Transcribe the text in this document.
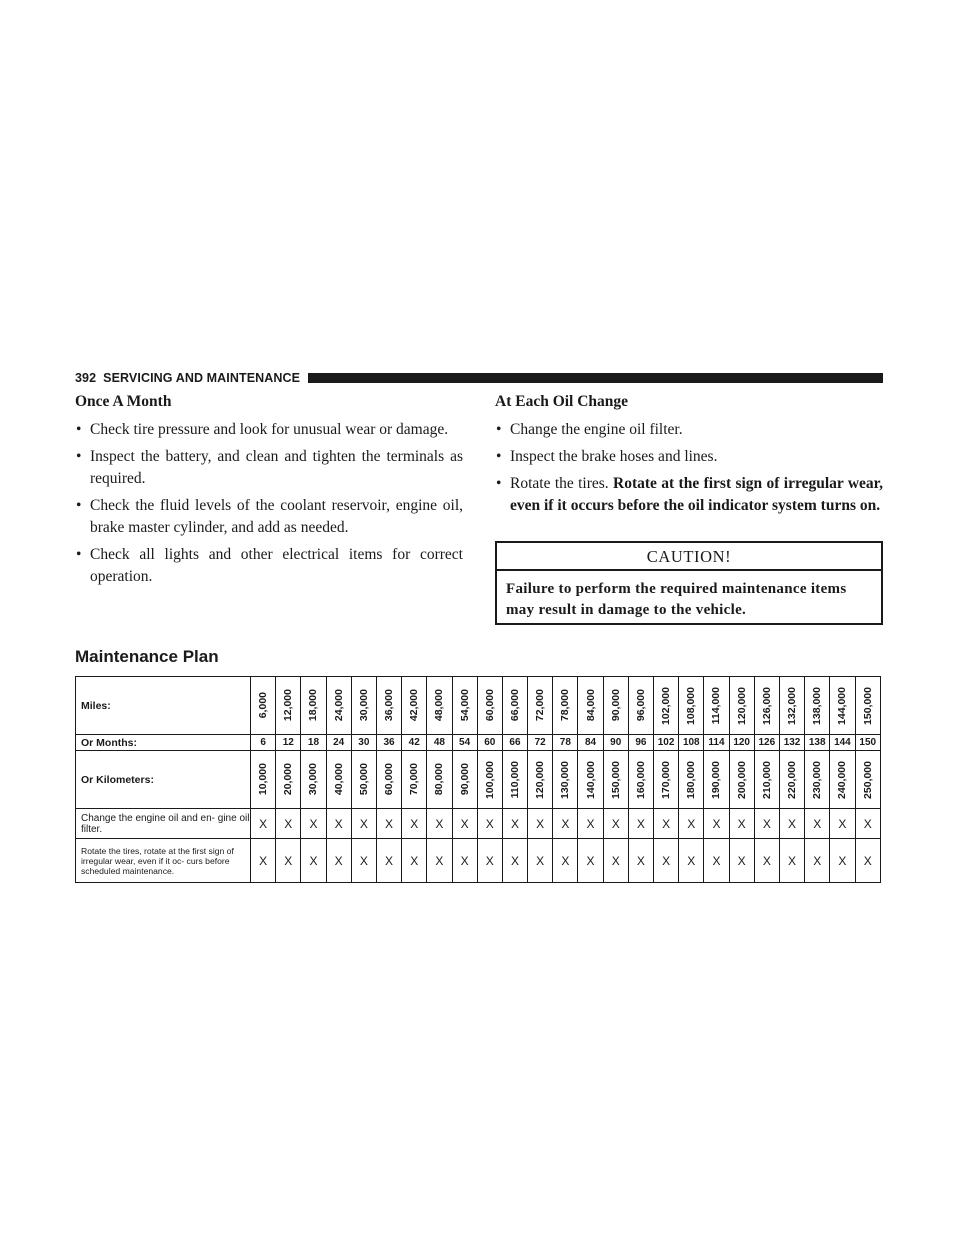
392 SERVICING AND MAINTENANCE
Once A Month
• Check tire pressure and look for unusual wear or damage.
• Inspect the battery, and clean and tighten the terminals as required.
• Check the fluid levels of the coolant reservoir, engine oil, brake master cylinder, and add as needed.
• Check all lights and other electrical items for correct operation.
At Each Oil Change
• Change the engine oil filter.
• Inspect the brake hoses and lines.
• Rotate the tires. Rotate at the first sign of irregular wear, even if it occurs before the oil indicator system turns on.
CAUTION!
Failure to perform the required maintenance items may result in damage to the vehicle.
Maintenance Plan
Miles:	6,000	12,000	18,000	24,000	30,000	36,000	42,000	48,000	54,000	60,000	66,000	72,000	78,000	84,000	90,000	96,000	102,000	108,000	114,000	120,000	126,000	132,000	138,000	144,000	150,000

Or Months:	6	12	18	24	30	36	42	48	54	60	66	72	78	84	90	96	102	108	114	120	126	132	138	144	150
Or Kilometers:	10,000	20,000	30,000	40,000	50,000	60,000	70,000	80,000	90,000	100,000	110,000	120,000	130,000	140,000	150,000	160,000	170,000	180,000	190,000	200,000	210,000	220,000	230,000	240,000	250,000

Change the engine oil and en- gine oil filter.	X	X	X	X	X	X	X	X	X	X	X	X	X	X	X	X	X	X	X	X	X	X	X	X	X
Rotate the tires, rotate at the first sign of irregular wear, even if it oc- curs before scheduled maintenance.	X	X	X	X	X	X	X	X	X	X	X	X	X	X	X	X	X	X	X	X	X	X	X	X	X
